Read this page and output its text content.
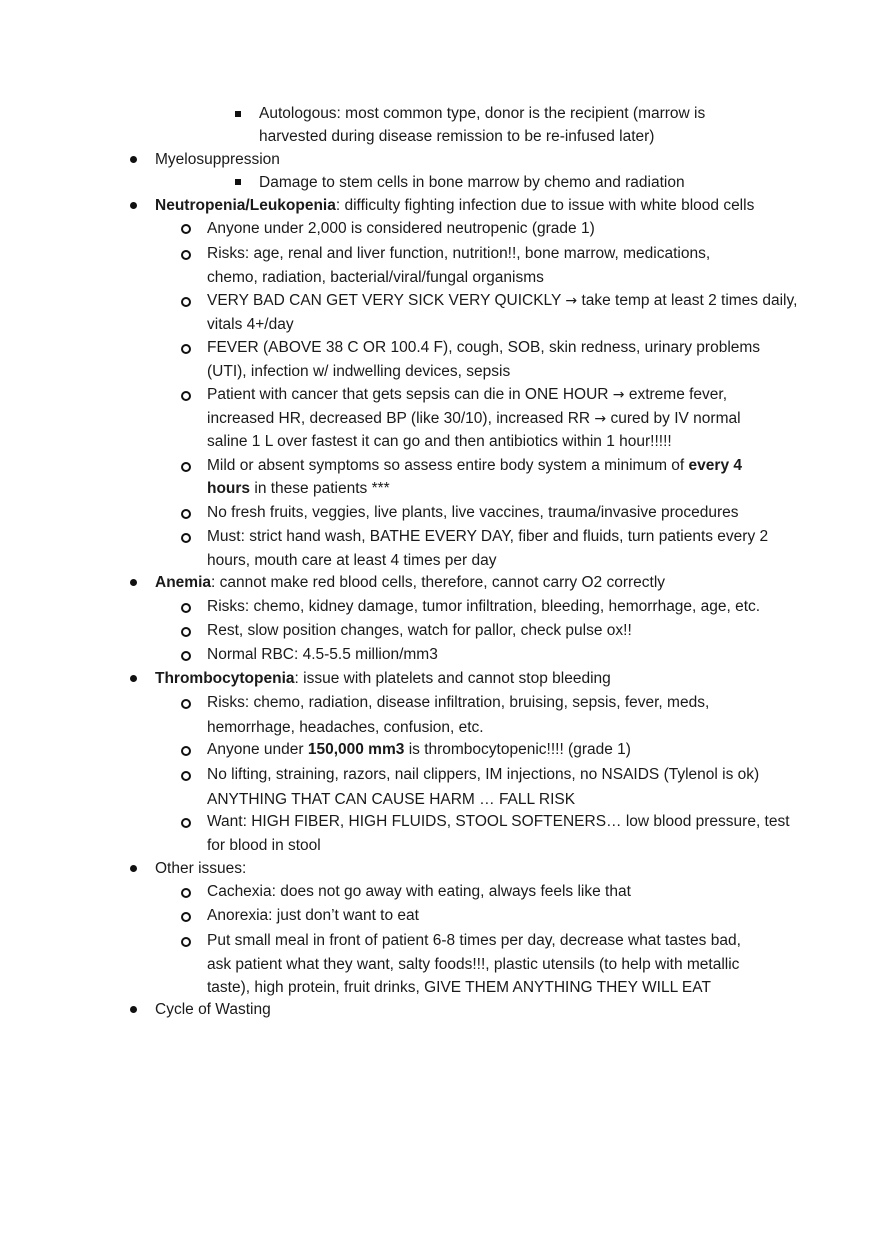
Autologous: most common type, donor is the recipient (marrow is
harvested during disease remission to be re-infused later)
Myelosuppression
Damage to stem cells in bone marrow by chemo and radiation
Neutropenia/Leukopenia: difficulty fighting infection due to issue with white blood cells
Anyone under 2,000 is considered neutropenic (grade 1)
Risks: age, renal and liver function, nutrition!!, bone marrow, medications,
chemo, radiation, bacterial/viral/fungal organisms
VERY BAD CAN GET VERY SICK VERY QUICKLY → take temp at least 2 times daily,
vitals 4+/day
FEVER (ABOVE 38 C OR 100.4 F), cough, SOB, skin redness, urinary problems
(UTI), infection w/ indwelling devices, sepsis
Patient with cancer that gets sepsis can die in ONE HOUR → extreme fever,
increased HR, decreased BP (like 30/10), increased RR → cured by IV normal
saline 1 L over fastest it can go and then antibiotics within 1 hour!!!!!
Mild or absent symptoms so assess entire body system a minimum of every 4
hours in these patients ***
No fresh fruits, veggies, live plants, live vaccines, trauma/invasive procedures
Must: strict hand wash, BATHE EVERY DAY, fiber and fluids, turn patients every 2
hours, mouth care at least 4 times per day
Anemia: cannot make red blood cells, therefore, cannot carry O2 correctly
Risks: chemo, kidney damage, tumor infiltration, bleeding, hemorrhage, age, etc.
Rest, slow position changes, watch for pallor, check pulse ox!!
Normal RBC: 4.5-5.5 million/mm3
Thrombocytopenia: issue with platelets and cannot stop bleeding
Risks: chemo, radiation, disease infiltration, bruising, sepsis, fever, meds,
hemorrhage, headaches, confusion, etc.
Anyone under 150,000 mm3 is thrombocytopenic!!!! (grade 1)
No lifting, straining, razors, nail clippers, IM injections, no NSAIDS (Tylenol is ok)
ANYTHING THAT CAN CAUSE HARM … FALL RISK
Want: HIGH FIBER, HIGH FLUIDS, STOOL SOFTENERS… low blood pressure, test
for blood in stool
Other issues:
Cachexia: does not go away with eating, always feels like that
Anorexia: just don’t want to eat
Put small meal in front of patient 6-8 times per day, decrease what tastes bad,
ask patient what they want, salty foods!!!, plastic utensils (to help with metallic
taste), high protein, fruit drinks, GIVE THEM ANYTHING THEY WILL EAT
Cycle of Wasting
